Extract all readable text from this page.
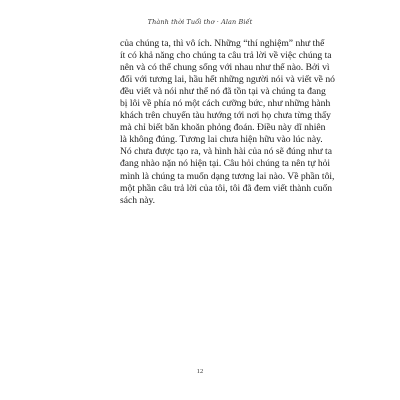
Thành thời Tuổi thơ · Alan Biết
của chúng ta, thì vô ích. Những “thí nghiệm” như thế
ít có khả năng cho chúng ta câu trả lời về việc chúng ta
nên và có thể chung sống với nhau như thế nào. Bởi vì
đối với tương lai, hầu hết những người nói và viết về nó
đều viết và nói như thể nó đã tồn tại và chúng ta đang
bị lôi về phía nó một cách cưỡng bức, như những hành
khách trên chuyến tàu hướng tới nơi họ chưa từng thấy
mà chỉ biết băn khoăn phỏng đoán. Điều này dĩ nhiên
là không đúng. Tương lai chưa hiện hữu vào lúc này.
Nó chưa được tạo ra, và hình hài của nó sẽ đúng như ta
đang nhào nặn nó hiện tại. Câu hỏi chúng ta nên tự hỏi
mình là chúng ta muốn dạng tương lai nào. Về phần tôi,
một phần câu trả lời của tôi, tôi đã đem viết thành cuốn
sách này.
12
